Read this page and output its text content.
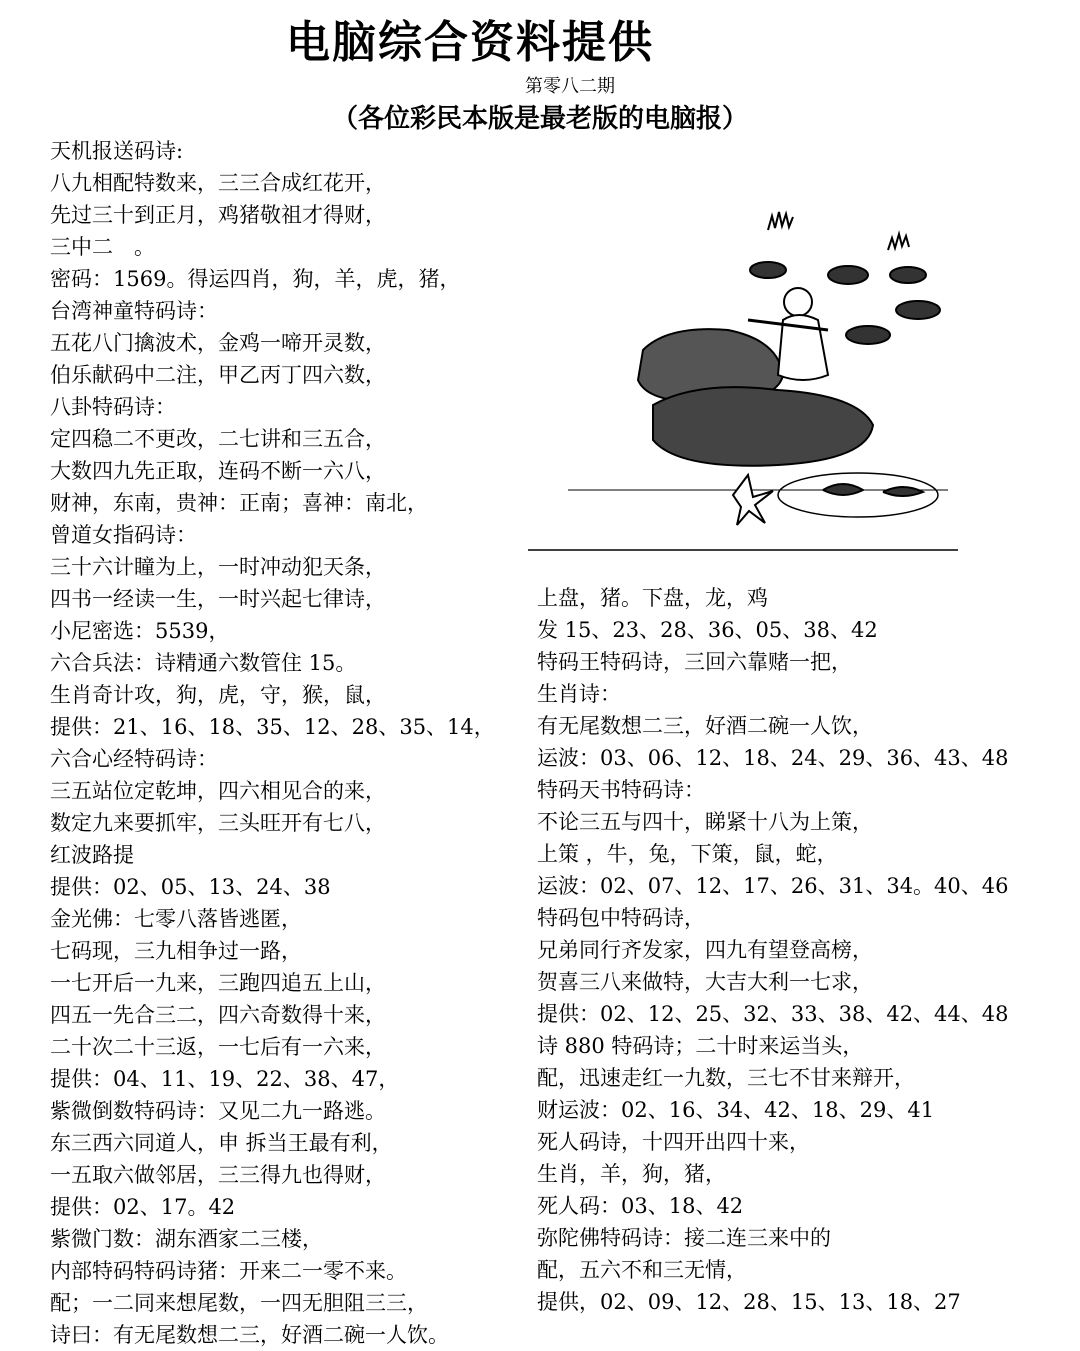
电脑综合资料提供
第零八二期
（各位彩民本版是最老版的电脑报）
天机报送码诗:
八九相配特数来，三三合成红花开，
先过三十到正月，鸡猪敬祖才得财，
三中二　。
密码：1569。得运四肖，狗，羊，虎，猪，
台湾神童特码诗：
五花八门擒波术，金鸡一啼开灵数，
伯乐献码中二注，甲乙丙丁四六数，
八卦特码诗：
定四稳二不更改，二七讲和三五合，
大数四九先正取，连码不断一六八，
财神，东南，贵神：正南；喜神：南北，
曾道女指码诗：
三十六计瞳为上，一时冲动犯天条，
四书一经读一生，一时兴起七律诗，
小尼密选：5539，
六合兵法：诗精通六数管住 15。
生肖奇计攻，狗，虎，守，猴，鼠，
提供：21、16、18、35、12、28、35、14，
六合心经特码诗：
三五站位定乾坤，四六相见合的来，
数定九来要抓牢，三头旺开有七八，
红波路提
提供：02、05、13、24、38
金光佛：七零八落皆逃匿，
七码现，三九相争过一路，
一七开后一九来，三跑四追五上山，
四五一先合三二，四六奇数得十来，
二十次二十三返，一七后有一六来，
提供：04、11、19、22、38、47，
紫微倒数特码诗：又见二九一路逃。
东三西六同道人，申 拆当王最有利，
一五取六做邻居，三三得九也得财，
提供：02、17。42
紫微门数：湖东酒家二三楼，
内部特码特码诗猪：开来二一零不来。
配；一二同来想尾数，一四无胆阻三三，
诗曰：有无尾数想二三，好酒二碗一人饮。
上盘，猪。下盘，龙，鸡
发 15、23、28、36、05、38、42
特码王特码诗，三回六靠赌一把，
生肖诗：
有无尾数想二三，好酒二碗一人饮，
运波：03、06、12、18、24、29、36、43、48
特码天书特码诗：
不论三五与四十，睇紧十八为上策，
上策 ，牛，兔，下策，鼠，蛇，
运波：02、07、12、17、26、31、34。40、46
特码包中特码诗，
兄弟同行齐发家，四九有望登高榜，
贺喜三八来做特，大吉大利一七求，
提供：02、12、25、32、33、38、42、44、48
诗 880 特码诗；二十时来运当头，
配，迅速走红一九数，三七不甘来辩开，
财运波：02、16、34、42、18、29、41
死人码诗，十四开出四十来，
生肖，羊，狗，猪，
死人码：03、18、42
弥陀佛特码诗：接二连三来中的
配，五六不和三无情，
提供，02、09、12、28、15、13、18、27
